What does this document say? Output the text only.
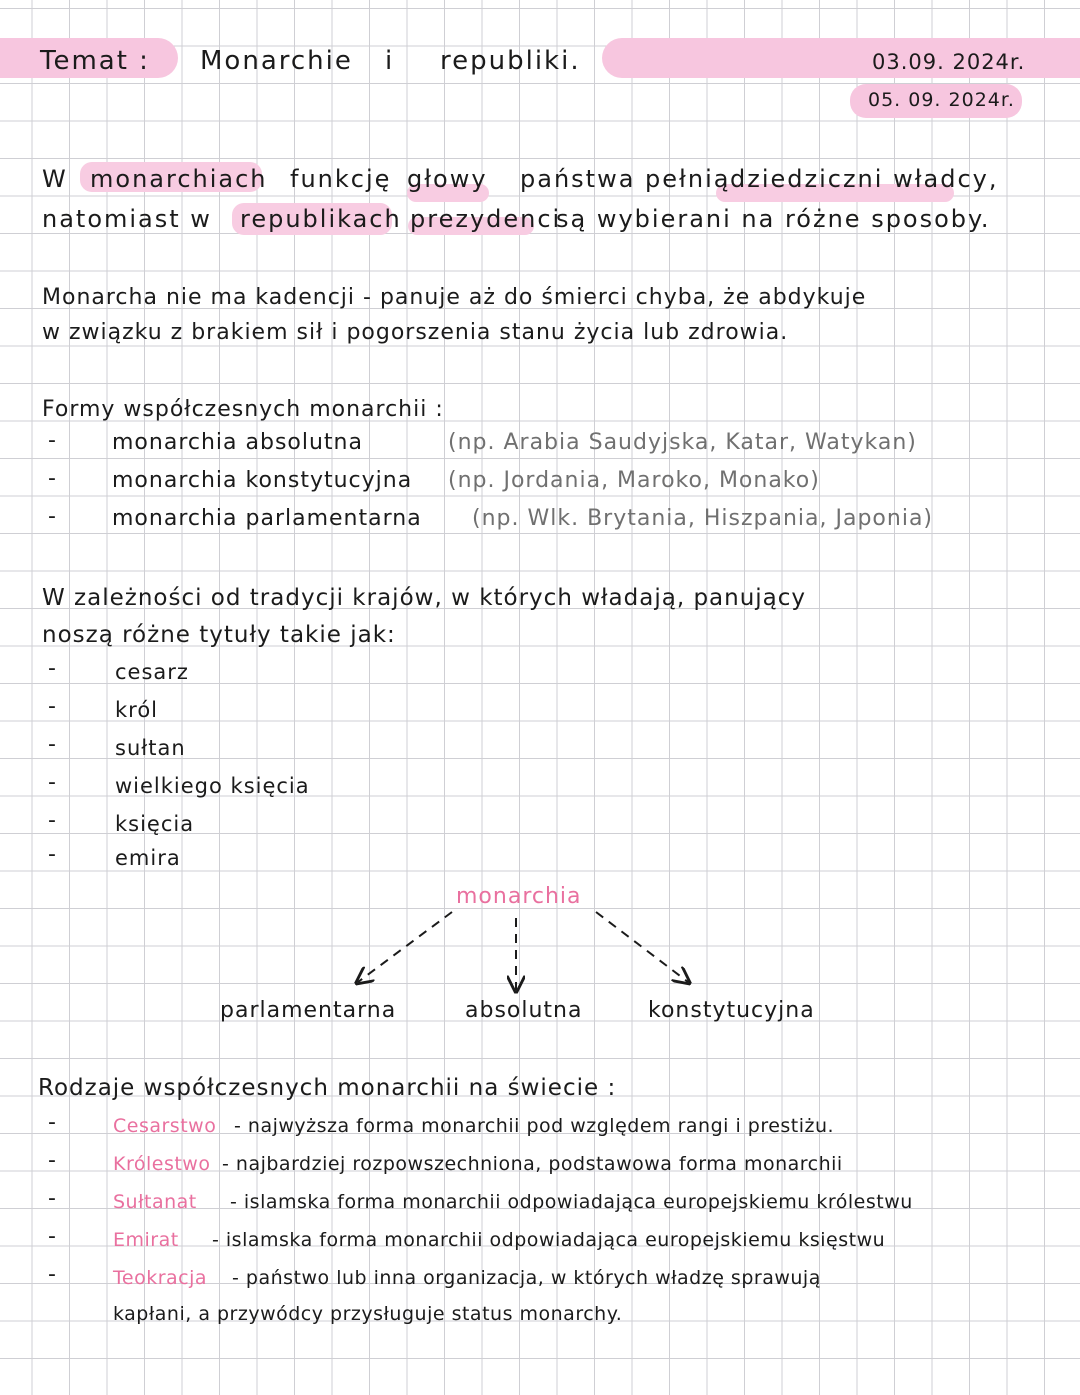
Temat : Monarchie i republiki.	03.09. 2024r.
05. 09. 2024r.
W monarchiach funkcję głowy państwa pełnią dziedziczni władcy,
natomiast w republikach prezydenci
są wybierani na różne sposoby.
Monarcha nie ma kadencji - panuje aż do śmierci chyba, że abdykuje
w związku z brakiem sił i pogorszenia stanu życia lub zdrowia.
Formy współczesnych monarchii :
- monarchia absolutna	(np. Arabia Saudyjska, Katar, Watykan)
- monarchia konstytucyjna (np. Jordania, Maroko, Monako)
- monarchia parlamentarna (np. Wlk. Brytania, Hiszpania, Japonia)
W zależności od tradycji krajów, w których władają, panujący
noszą różne tytuły takie jak:
-	cesarz
-	król
-	sułtan
-	wielkiego księcia
-	księcia
-	emira
monarchia
parlamentarna	absolutna	konstytucyjna
Rodzaje współczesnych monarchii na świecie :
-	Cesarstwo - najwyższa forma monarchii pod względem rangi i prestiżu.
-	Królestwo - najbardziej rozpowszechniona, podstawowa forma monarchii
-	Sułtanat - islamska forma monarchii odpowiadająca europejskiemu królestwu
-	Emirat - islamska forma monarchii odpowiadająca europejskiemu księstwu
-	Teokracja - państwo lub inna organizacja, w których władzę sprawują
kapłani, a przywódcy przysługuje status monarchy.
